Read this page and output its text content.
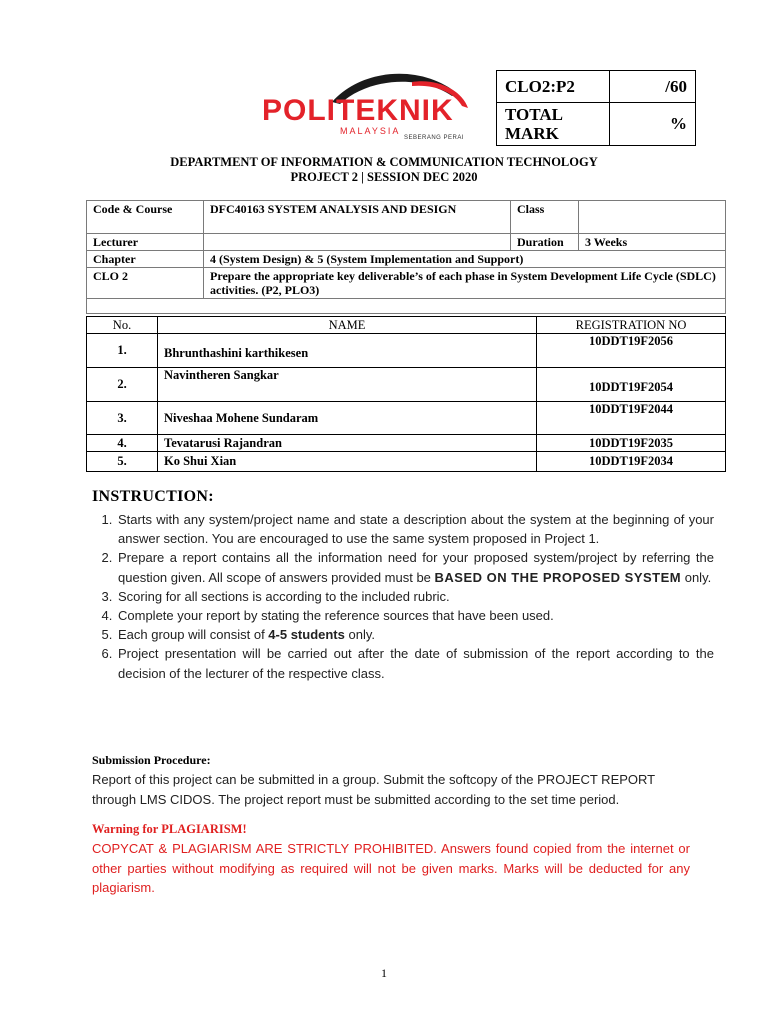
POLITEKNIK
MALAYSIA
SEBERANG PERAI
CLO2:P2	/60
TOTAL MARK	%
DEPARTMENT OF INFORMATION & COMMUNICATION TECHNOLOGY
PROJECT 2 | SESSION DEC 2020
Code & Course	DFC40163 SYSTEM ANALYSIS AND DESIGN	Class	
Lecturer		Duration	3 Weeks
Chapter	4 (System Design) & 5 (System Implementation and Support)		
CLO 2	Prepare the appropriate key deliverable’s of each phase in System Development Life Cycle (SDLC) activities. (P2, PLO3)		

No.	NAME	REGISTRATION NO
1.	Bhrunthashini karthikesen	10DDT19F2056
2.	Navintheren Sangkar	10DDT19F2054
3.	Niveshaa Mohene Sundaram	10DDT19F2044
4.	Tevatarusi Rajandran	10DDT19F2035
5.	Ko Shui Xian	10DDT19F2034
INSTRUCTION:
1. Starts with any system/project name and state a description about the system at the beginning of your answer section. You are encouraged to use the same system proposed in Project 1.
2. Prepare a report contains all the information need for your proposed system/project by referring the question given. All scope of answers provided must be BASED ON THE PROPOSED SYSTEM only.
3. Scoring for all sections is according to the included rubric.
4. Complete your report by stating the reference sources that have been used.
5. Each group will consist of 4-5 students only.
6. Project presentation will be carried out after the date of submission of the report according to the decision of the lecturer of the respective class.
Submission Procedure:
Report of this project can be submitted in a group. Submit the softcopy of the PROJECT REPORT through LMS CIDOS. The project report must be submitted according to the set time period.
Warning for PLAGIARISM!
COPYCAT & PLAGIARISM ARE STRICTLY PROHIBITED. Answers found copied from the internet or other parties without modifying as required will not be given marks. Marks will be deducted for any plagiarism.
1
